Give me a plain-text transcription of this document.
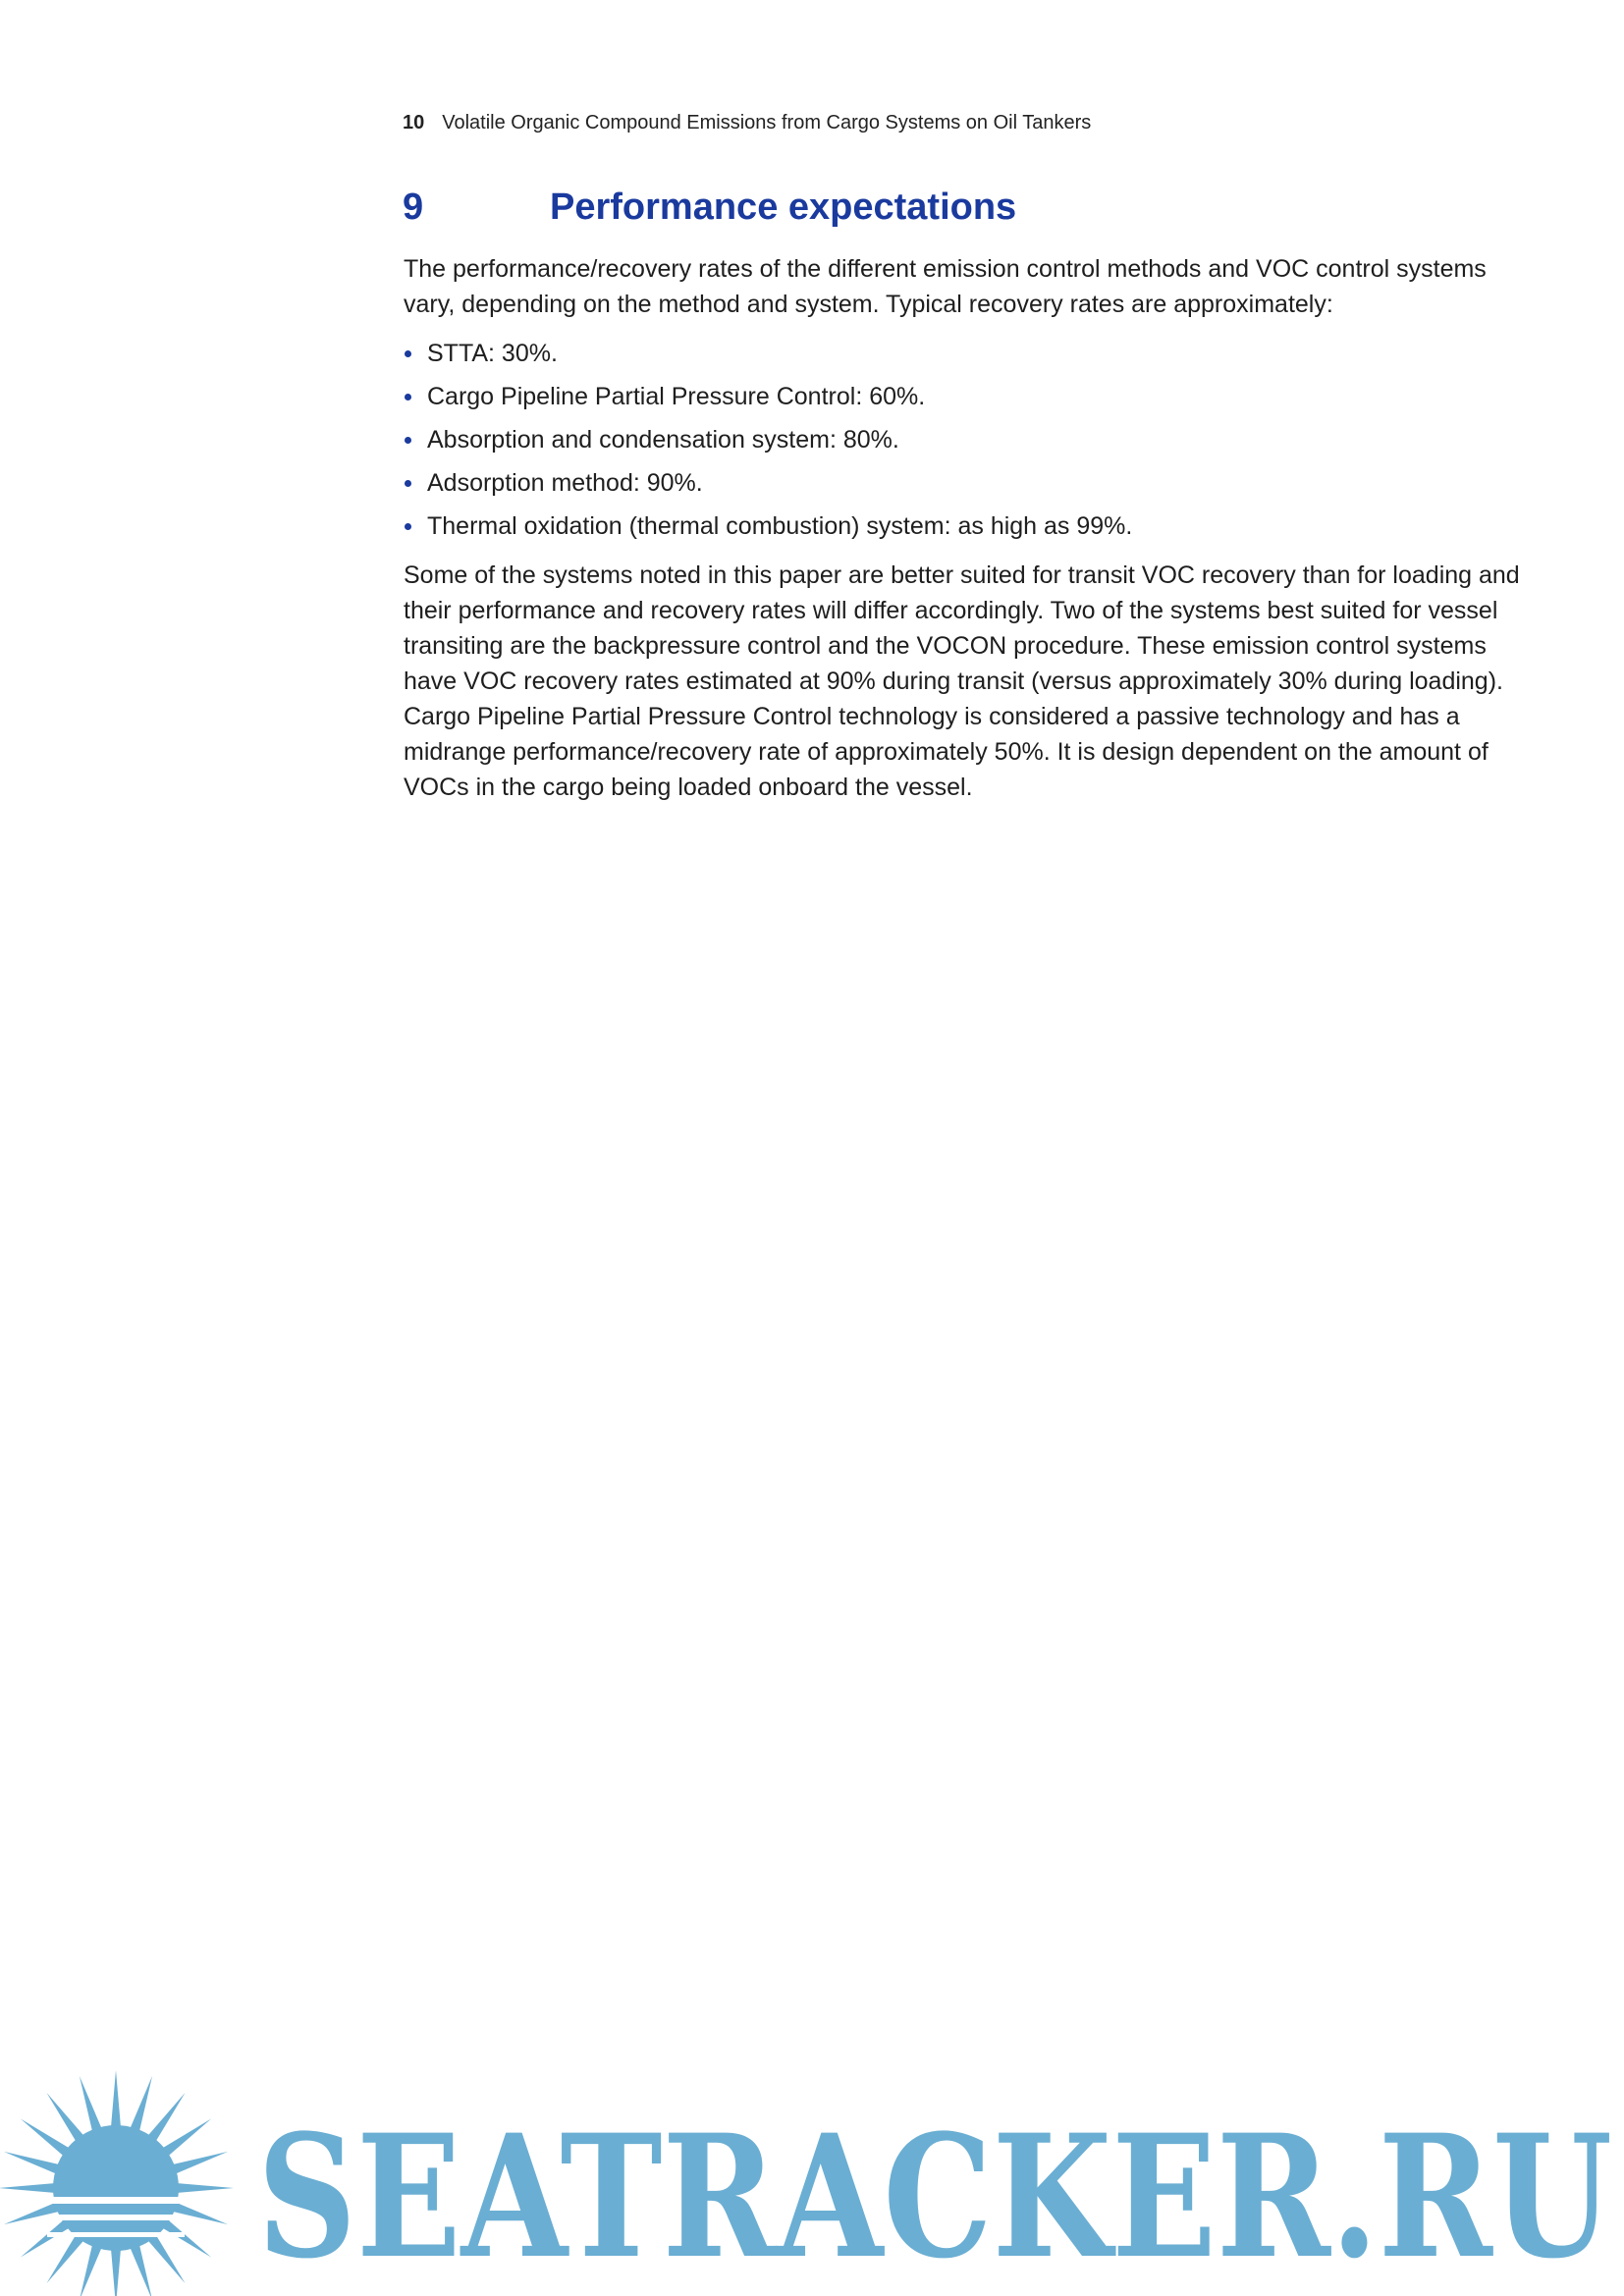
10 Volatile Organic Compound Emissions from Cargo Systems on Oil Tankers
9	Performance expectations

The performance/recovery rates of the different emission control methods and VOC control systems vary, depending on the method and system. Typical recovery rates are approximately:

STTA: 30%.
Cargo Pipeline Partial Pressure Control: 60%.
Absorption and condensation system: 80%.
Adsorption method: 90%.
Thermal oxidation (thermal combustion) system: as high as 99%.

Some of the systems noted in this paper are better suited for transit VOC recovery than for loading and their performance and recovery rates will differ accordingly. Two of the systems best suited for vessel transiting are the backpressure control and the VOCON procedure. These emission control systems have VOC recovery rates estimated at 90% during transit (versus approximately 30% during loading). Cargo Pipeline Partial Pressure Control technology is considered a passive technology and has a midrange performance/recovery rate of approximately 50%. It is design dependent on the amount of VOCs in the cargo being loaded onboard the vessel.

SEATRACKER.RU
